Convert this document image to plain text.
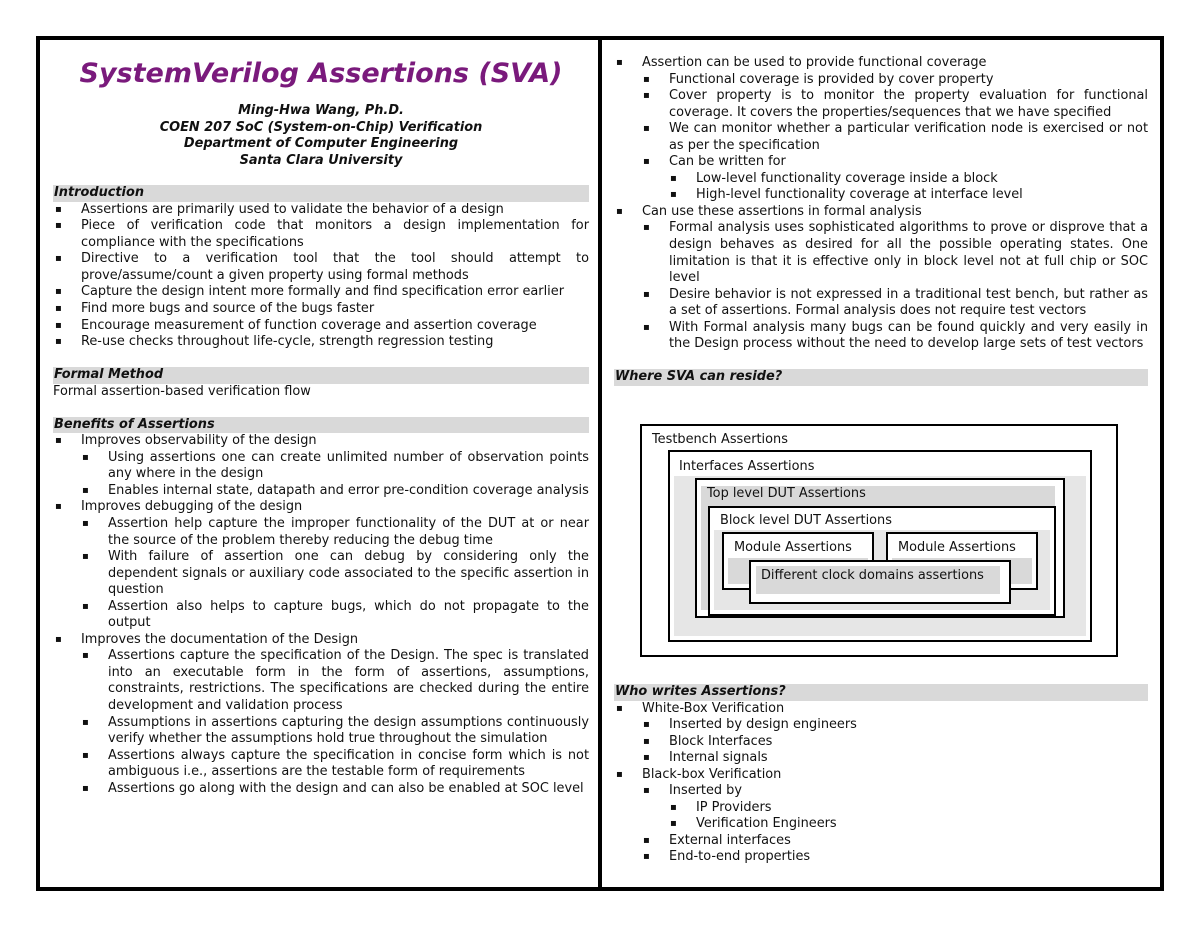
SystemVerilog Assertions (SVA)
Ming-Hwa Wang, Ph.D.
COEN 207 SoC (System-on-Chip) Verification
Department of Computer Engineering
Santa Clara University
Introduction
▪ Assertions are primarily used to validate the behavior of a design
▪ Piece of verification code that monitors a design implementation for compliance with the specifications
▪ Directive to a verification tool that the tool should attempt to prove/assume/count a given property using formal methods
▪ Capture the design intent more formally and find specification error earlier
▪ Find more bugs and source of the bugs faster
▪ Encourage measurement of function coverage and assertion coverage
▪ Re-use checks throughout life-cycle, strength regression testing
Formal Method
Formal assertion-based verification flow
Benefits of Assertions
▪ Improves observability of the design
▪ Using assertions one can create unlimited number of observation points any where in the design
▪ Enables internal state, datapath and error pre-condition coverage analysis
▪ Improves debugging of the design
▪ Assertion help capture the improper functionality of the DUT at or near the source of the problem thereby reducing the debug time
▪ With failure of assertion one can debug by considering only the dependent signals or auxiliary code associated to the specific assertion in question
▪ Assertion also helps to capture bugs, which do not propagate to the output
▪ Improves the documentation of the Design
▪ Assertions capture the specification of the Design. The spec is translated into an executable form in the form of assertions, assumptions, constraints, restrictions. The specifications are checked during the entire development and validation process
▪ Assumptions in assertions capturing the design assumptions continuously verify whether the assumptions hold true throughout the simulation
▪ Assertions always capture the specification in concise form which is not ambiguous i.e., assertions are the testable form of requirements
▪ Assertions go along with the design and can also be enabled at SOC level
▪ Assertion can be used to provide functional coverage
▪ Functional coverage is provided by cover property
▪ Cover property is to monitor the property evaluation for functional coverage. It covers the properties/sequences that we have specified
▪ We can monitor whether a particular verification node is exercised or not as per the specification
▪ Can be written for
▪ Low-level functionality coverage inside a block
▪ High-level functionality coverage at interface level
▪ Can use these assertions in formal analysis
▪ Formal analysis uses sophisticated algorithms to prove or disprove that a design behaves as desired for all the possible operating states. One limitation is that it is effective only in block level not at full chip or SOC level
▪ Desire behavior is not expressed in a traditional test bench, but rather as a set of assertions. Formal analysis does not require test vectors
▪ With Formal analysis many bugs can be found quickly and very easily in the Design process without the need to develop large sets of test vectors
Where SVA can reside?
Testbench Assertions
Interfaces Assertions
Top level DUT Assertions
Block level DUT Assertions
Module Assertions	Module Assertions
Different clock domains assertions
Who writes Assertions?
▪ White-Box Verification
▪ Inserted by design engineers
▪ Block Interfaces
▪ Internal signals
▪ Black-box Verification
▪ Inserted by
▪ IP Providers
▪ Verification Engineers
▪ External interfaces
▪ End-to-end properties
